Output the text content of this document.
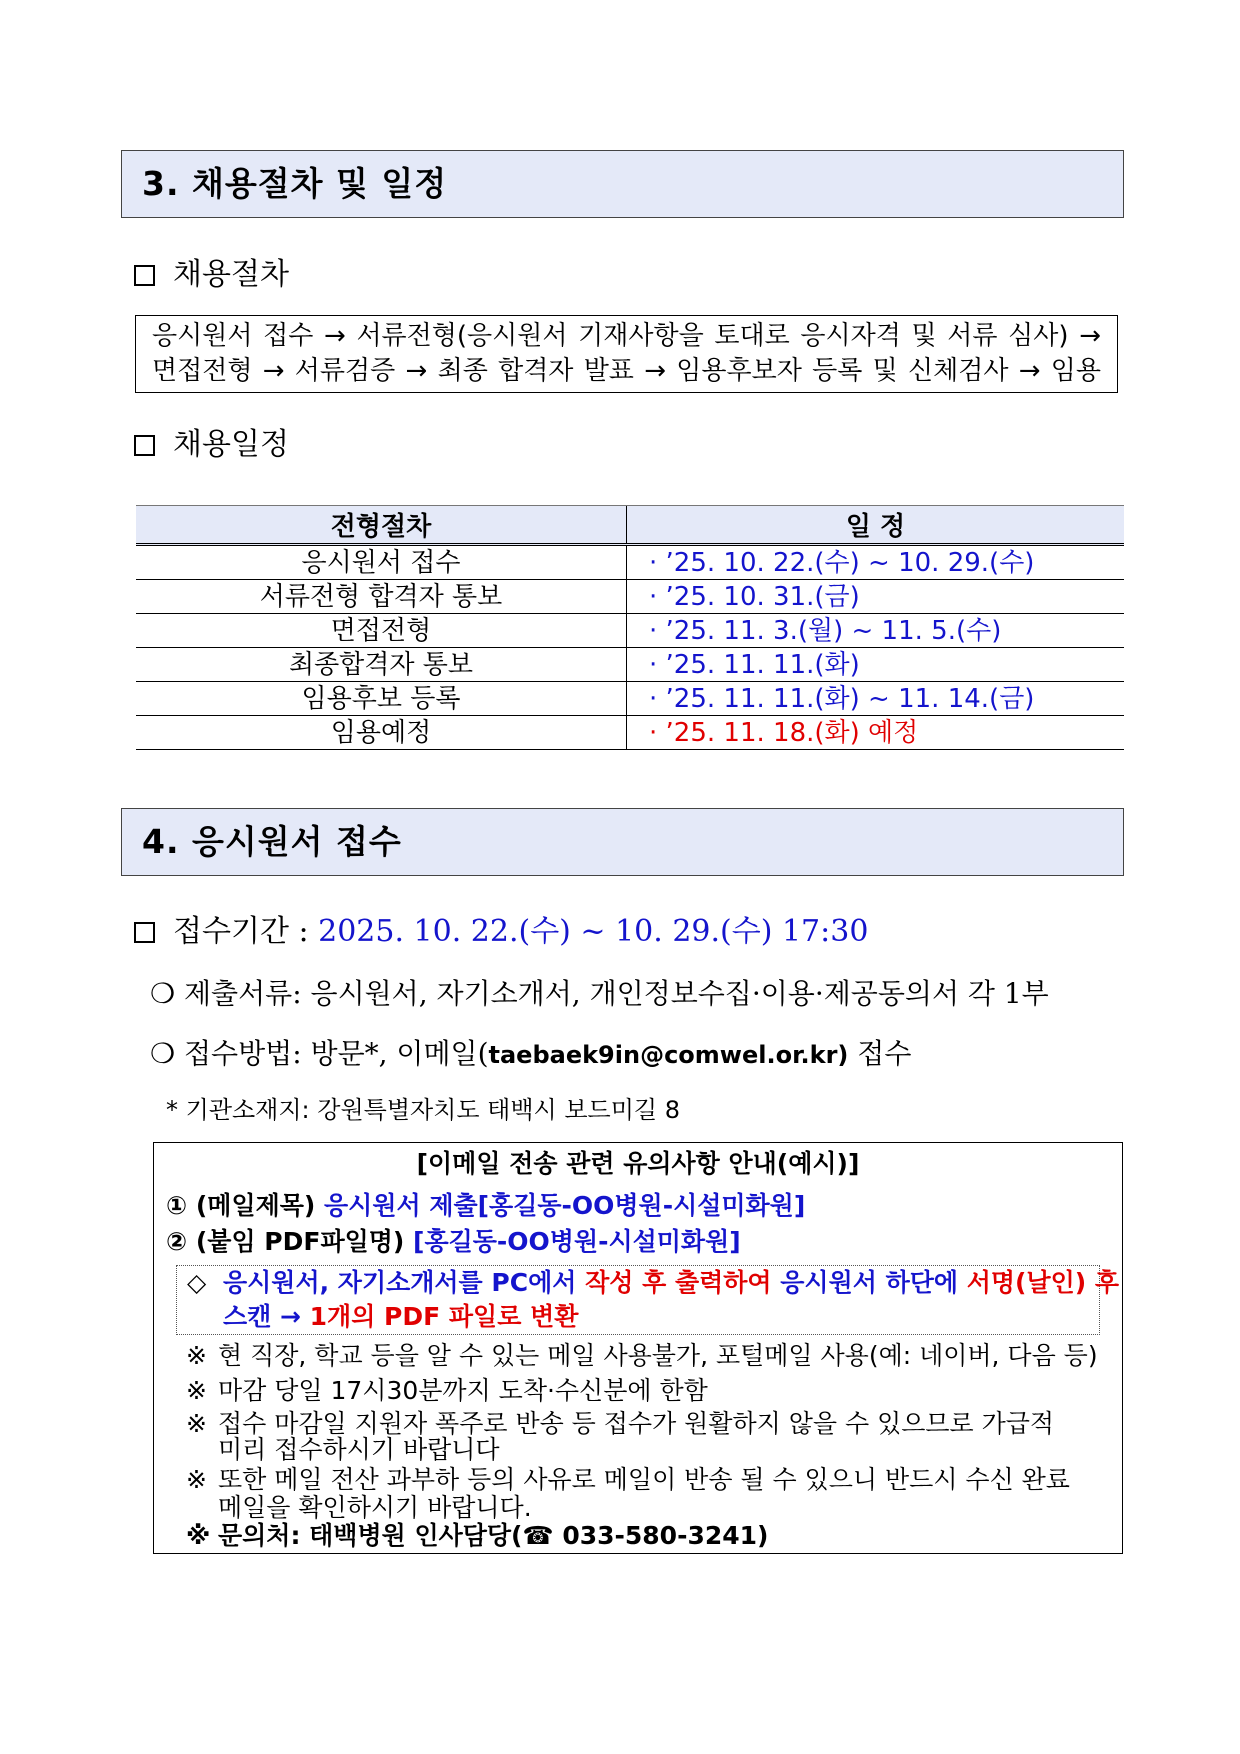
3. 채용절차 및 일정
채용절차
응시원서 접수 → 서류전형(응시원서 기재사항을 토대로 응시자격 및 서류 심사) →
면접전형 → 서류검증 → 최종 합격자 발표 → 임용후보자 등록 및 신체검사 → 임용
채용일정
전형절차	일 정
응시원서 접수	· ’25. 10. 22.(수) ~ 10. 29.(수)
서류전형 합격자 통보	· ’25. 10. 31.(금)
면접전형	· ’25. 11. 3.(월) ~ 11. 5.(수)
최종합격자 통보	· ’25. 11. 11.(화)
임용후보 등록	· ’25. 11. 11.(화) ~ 11. 14.(금)
임용예정	· ’25. 11. 18.(화) 예정
4. 응시원서 접수
접수기간 : 2025. 10. 22.(수) ~ 10. 29.(수) 17:30
❍ 제출서류: 응시원서, 자기소개서, 개인정보수집·이용·제공동의서 각 1부
❍ 접수방법: 방문*, 이메일(taebaek9in@comwel.or.kr) 접수
* 기관소재지: 강원특별자치도 태백시 보드미길 8
[이메일 전송 관련 유의사항 안내(예시)]
① (메일제목) 응시원서 제출[홍길동-OO병원-시설미화원]
② (붙임 PDF파일명) [홍길동-OO병원-시설미화원]
◇ 응시원서, 자기소개서를 PC에서 작성 후 출력하여 응시원서 하단에 서명(날인) 후
스캔 → 1개의 PDF 파일로 변환
※ 현 직장, 학교 등을 알 수 있는 메일 사용불가, 포털메일 사용(예: 네이버, 다음 등)
※ 마감 당일 17시30분까지 도착·수신분에 한함
※ 접수 마감일 지원자 폭주로 반송 등 접수가 원활하지 않을 수 있으므로 가급적
미리 접수하시기 바랍니다
※ 또한 메일 전산 과부하 등의 사유로 메일이 반송 될 수 있으니 반드시 수신 완료
메일을 확인하시기 바랍니다.
※ 문의처: 태백병원 인사담당(☎ 033-580-3241)
